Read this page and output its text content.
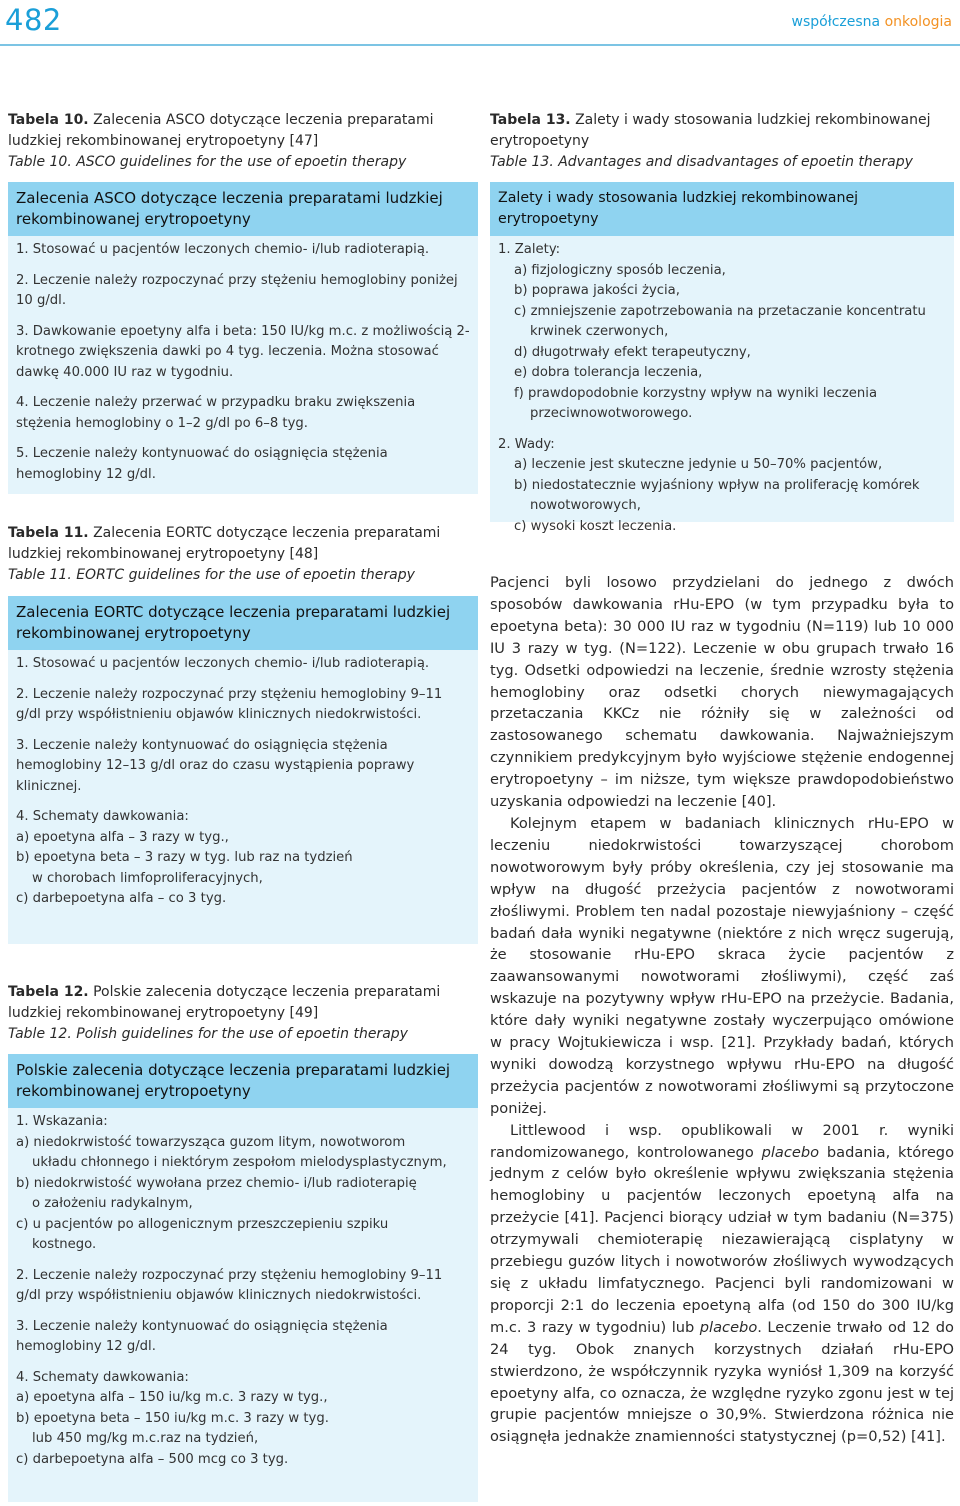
482	współczesna onkologia
Tabela 10. Zalecenia ASCO dotyczące leczenia preparatami ludzkiej rekombinowanej erytropoetyny [47]
Table 10. ASCO guidelines for the use of epoetin therapy
Zalecenia ASCO dotyczące leczenia preparatami ludzkiej rekombinowanej erytropoetyny
1. Stosować u pacjentów leczonych chemio- i/lub radioterapią.
2. Leczenie należy rozpoczynać przy stężeniu hemoglobiny poniżej 10 g/dl.
3. Dawkowanie epoetyny alfa i beta: 150 IU/kg m.c. z możliwością 2-krotnego zwiększenia dawki po 4 tyg. leczenia. Można stosować dawkę 40.000 IU raz w tygodniu.
4. Leczenie należy przerwać w przypadku braku zwiększenia stężenia hemoglobiny o 1–2 g/dl po 6–8 tyg.
5. Leczenie należy kontynuować do osiągnięcia stężenia hemoglobiny 12 g/dl.
Tabela 11. Zalecenia EORTC dotyczące leczenia preparatami ludzkiej rekombinowanej erytropoetyny [48]
Table 11. EORTC guidelines for the use of epoetin therapy
Zalecenia EORTC dotyczące leczenia preparatami ludzkiej rekombinowanej erytropoetyny
1. Stosować u pacjentów leczonych chemio- i/lub radioterapią.
2. Leczenie należy rozpoczynać przy stężeniu hemoglobiny 9–11 g/dl przy współistnieniu objawów klinicznych niedokrwistości.
3. Leczenie należy kontynuować do osiągnięcia stężenia hemoglobiny 12–13 g/dl oraz do czasu wystąpienia poprawy klinicznej.
4. Schematy dawkowania:
a) epoetyna alfa – 3 razy w tyg.,
b) epoetyna beta – 3 razy w tyg. lub raz na tydzień
w chorobach limfoproliferacyjnych,
c) darbepoetyna alfa – co 3 tyg.
Tabela 12. Polskie zalecenia dotyczące leczenia preparatami ludzkiej rekombinowanej erytropoetyny [49]
Table 12. Polish guidelines for the use of epoetin therapy
Polskie zalecenia dotyczące leczenia preparatami ludzkiej rekombinowanej erytropoetyny
1. Wskazania:
a) niedokrwistość towarzysząca guzom litym, nowotworom
układu chłonnego i niektórym zespołom mielodysplastycznym,
b) niedokrwistość wywołana przez chemio- i/lub radioterapię
o założeniu radykalnym,
c) u pacjentów po allogenicznym przeszczepieniu szpiku
kostnego.
2. Leczenie należy rozpoczynać przy stężeniu hemoglobiny 9–11 g/dl przy współistnieniu objawów klinicznych niedokrwistości.
3. Leczenie należy kontynuować do osiągnięcia stężenia hemoglobiny 12 g/dl.
4. Schematy dawkowania:
a) epoetyna alfa – 150 iu/kg m.c. 3 razy w tyg.,
b) epoetyna beta – 150 iu/kg m.c. 3 razy w tyg.
lub 450 mg/kg m.c.raz na tydzień,
c) darbepoetyna alfa – 500 mcg co 3 tyg.
Tabela 13. Zalety i wady stosowania ludzkiej rekombinowanej erytropoetyny
Table 13. Advantages and disadvantages of epoetin therapy
Zalety i wady stosowania ludzkiej rekombinowanej erytropoetyny
1. Zalety:
a) fizjologiczny sposób leczenia,
b) poprawa jakości życia,
c) zmniejszenie zapotrzebowania na przetaczanie koncentratu
krwinek czerwonych,
d) długotrwały efekt terapeutyczny,
e) dobra tolerancja leczenia,
f) prawdopodobnie korzystny wpływ na wyniki leczenia
przeciwnowotworowego.
2. Wady:
a) leczenie jest skuteczne jedynie u 50–70% pacjentów,
b) niedostatecznie wyjaśniony wpływ na proliferację komórek
nowotworowych,
c) wysoki koszt leczenia.

Pacjenci byli losowo przydzielani do jednego z dwóch sposobów dawkowania rHu-EPO (w tym przypadku była to epoetyna beta): 30 000 IU raz w tygodniu (N=119) lub 10 000 IU 3 razy w tyg. (N=122). Leczenie w obu grupach trwało 16 tyg. Odsetki odpowiedzi na leczenie, średnie wzrosty stężenia hemoglobiny oraz odsetki chorych niewymagających przetaczania KKCz nie różniły się w zależności od zastosowanego schematu dawkowania. Najważniejszym czynnikiem predykcyjnym było wyjściowe stężenie endogennej erytropoetyny – im niższe, tym większe prawdopodobieństwo uzyskania odpowiedzi na leczenie [40].

Kolejnym etapem w badaniach klinicznych rHu-EPO w leczeniu niedokrwistości towarzyszącej chorobom nowotworowym były próby określenia, czy jej stosowanie ma wpływ na długość przeżycia pacjentów z nowotworami złośliwymi. Problem ten nadal pozostaje niewyjaśniony – część badań dała wyniki negatywne (niektóre z nich wręcz sugerują, że stosowanie rHu-EPO skraca życie pacjentów z zaawansowanymi nowotworami złośliwymi), część zaś wskazuje na pozytywny wpływ rHu-EPO na przeżycie. Badania, które dały wyniki negatywne zostały wyczerpująco omówione w pracy Wojtukiewicza i wsp. [21]. Przykłady badań, których wyniki dowodzą korzystnego wpływu rHu-EPO na długość przeżycia pacjentów z nowotworami złośliwymi są przytoczone poniżej.

Littlewood i wsp. opublikowali w 2001 r. wyniki randomizowanego, kontrolowanego placebo badania, którego jednym z celów było określenie wpływu zwiększania stężenia hemoglobiny u pacjentów leczonych epoetyną alfa na przeżycie [41]. Pacjenci biorący udział w tym badaniu (N=375) otrzymywali chemioterapię niezawierającą cisplatyny w przebiegu guzów litych i nowotworów złośliwych wywodzących się z układu limfatycznego. Pacjenci byli randomizowani w proporcji 2:1 do leczenia epoetyną alfa (od 150 do 300 IU/kg m.c. 3 razy w tygodniu) lub placebo. Leczenie trwało od 12 do 24 tyg. Obok znanych korzystnych działań rHu-EPO stwierdzono, że współczynnik ryzyka wyniósł 1,309 na korzyść epoetyny alfa, co oznacza, że względne ryzyko zgonu jest w tej grupie pacjentów mniejsze o 30,9%. Stwierdzona różnica nie osiągnęła jednakże znamienności statystycznej (p=0,52) [41].
